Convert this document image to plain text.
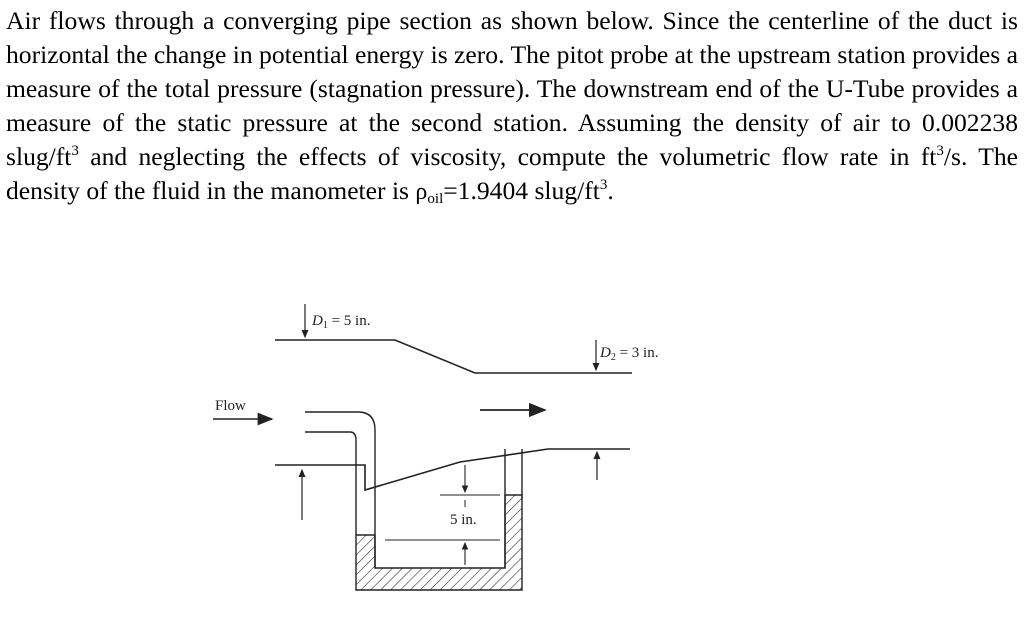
Air flows through a converging pipe section as shown below. Since the centerline of the duct is horizontal the change in potential energy is zero. The pitot probe at the upstream station provides a measure of the total pressure (stagnation pressure). The downstream end of the U-Tube provides a measure of the static pressure at the second station. Assuming the density of air to 0.002238 slug/$ft^3$ and neglecting the effects of viscosity, compute the volumetric flow rate in $ft^3/s$. The density of the fluid in the manometer is $\rho_{oil}=1.9404$ slug/$ft^3$.
$D_1 = 5$ in.
$D_2 = 3$ in.
Flow
5 in.
